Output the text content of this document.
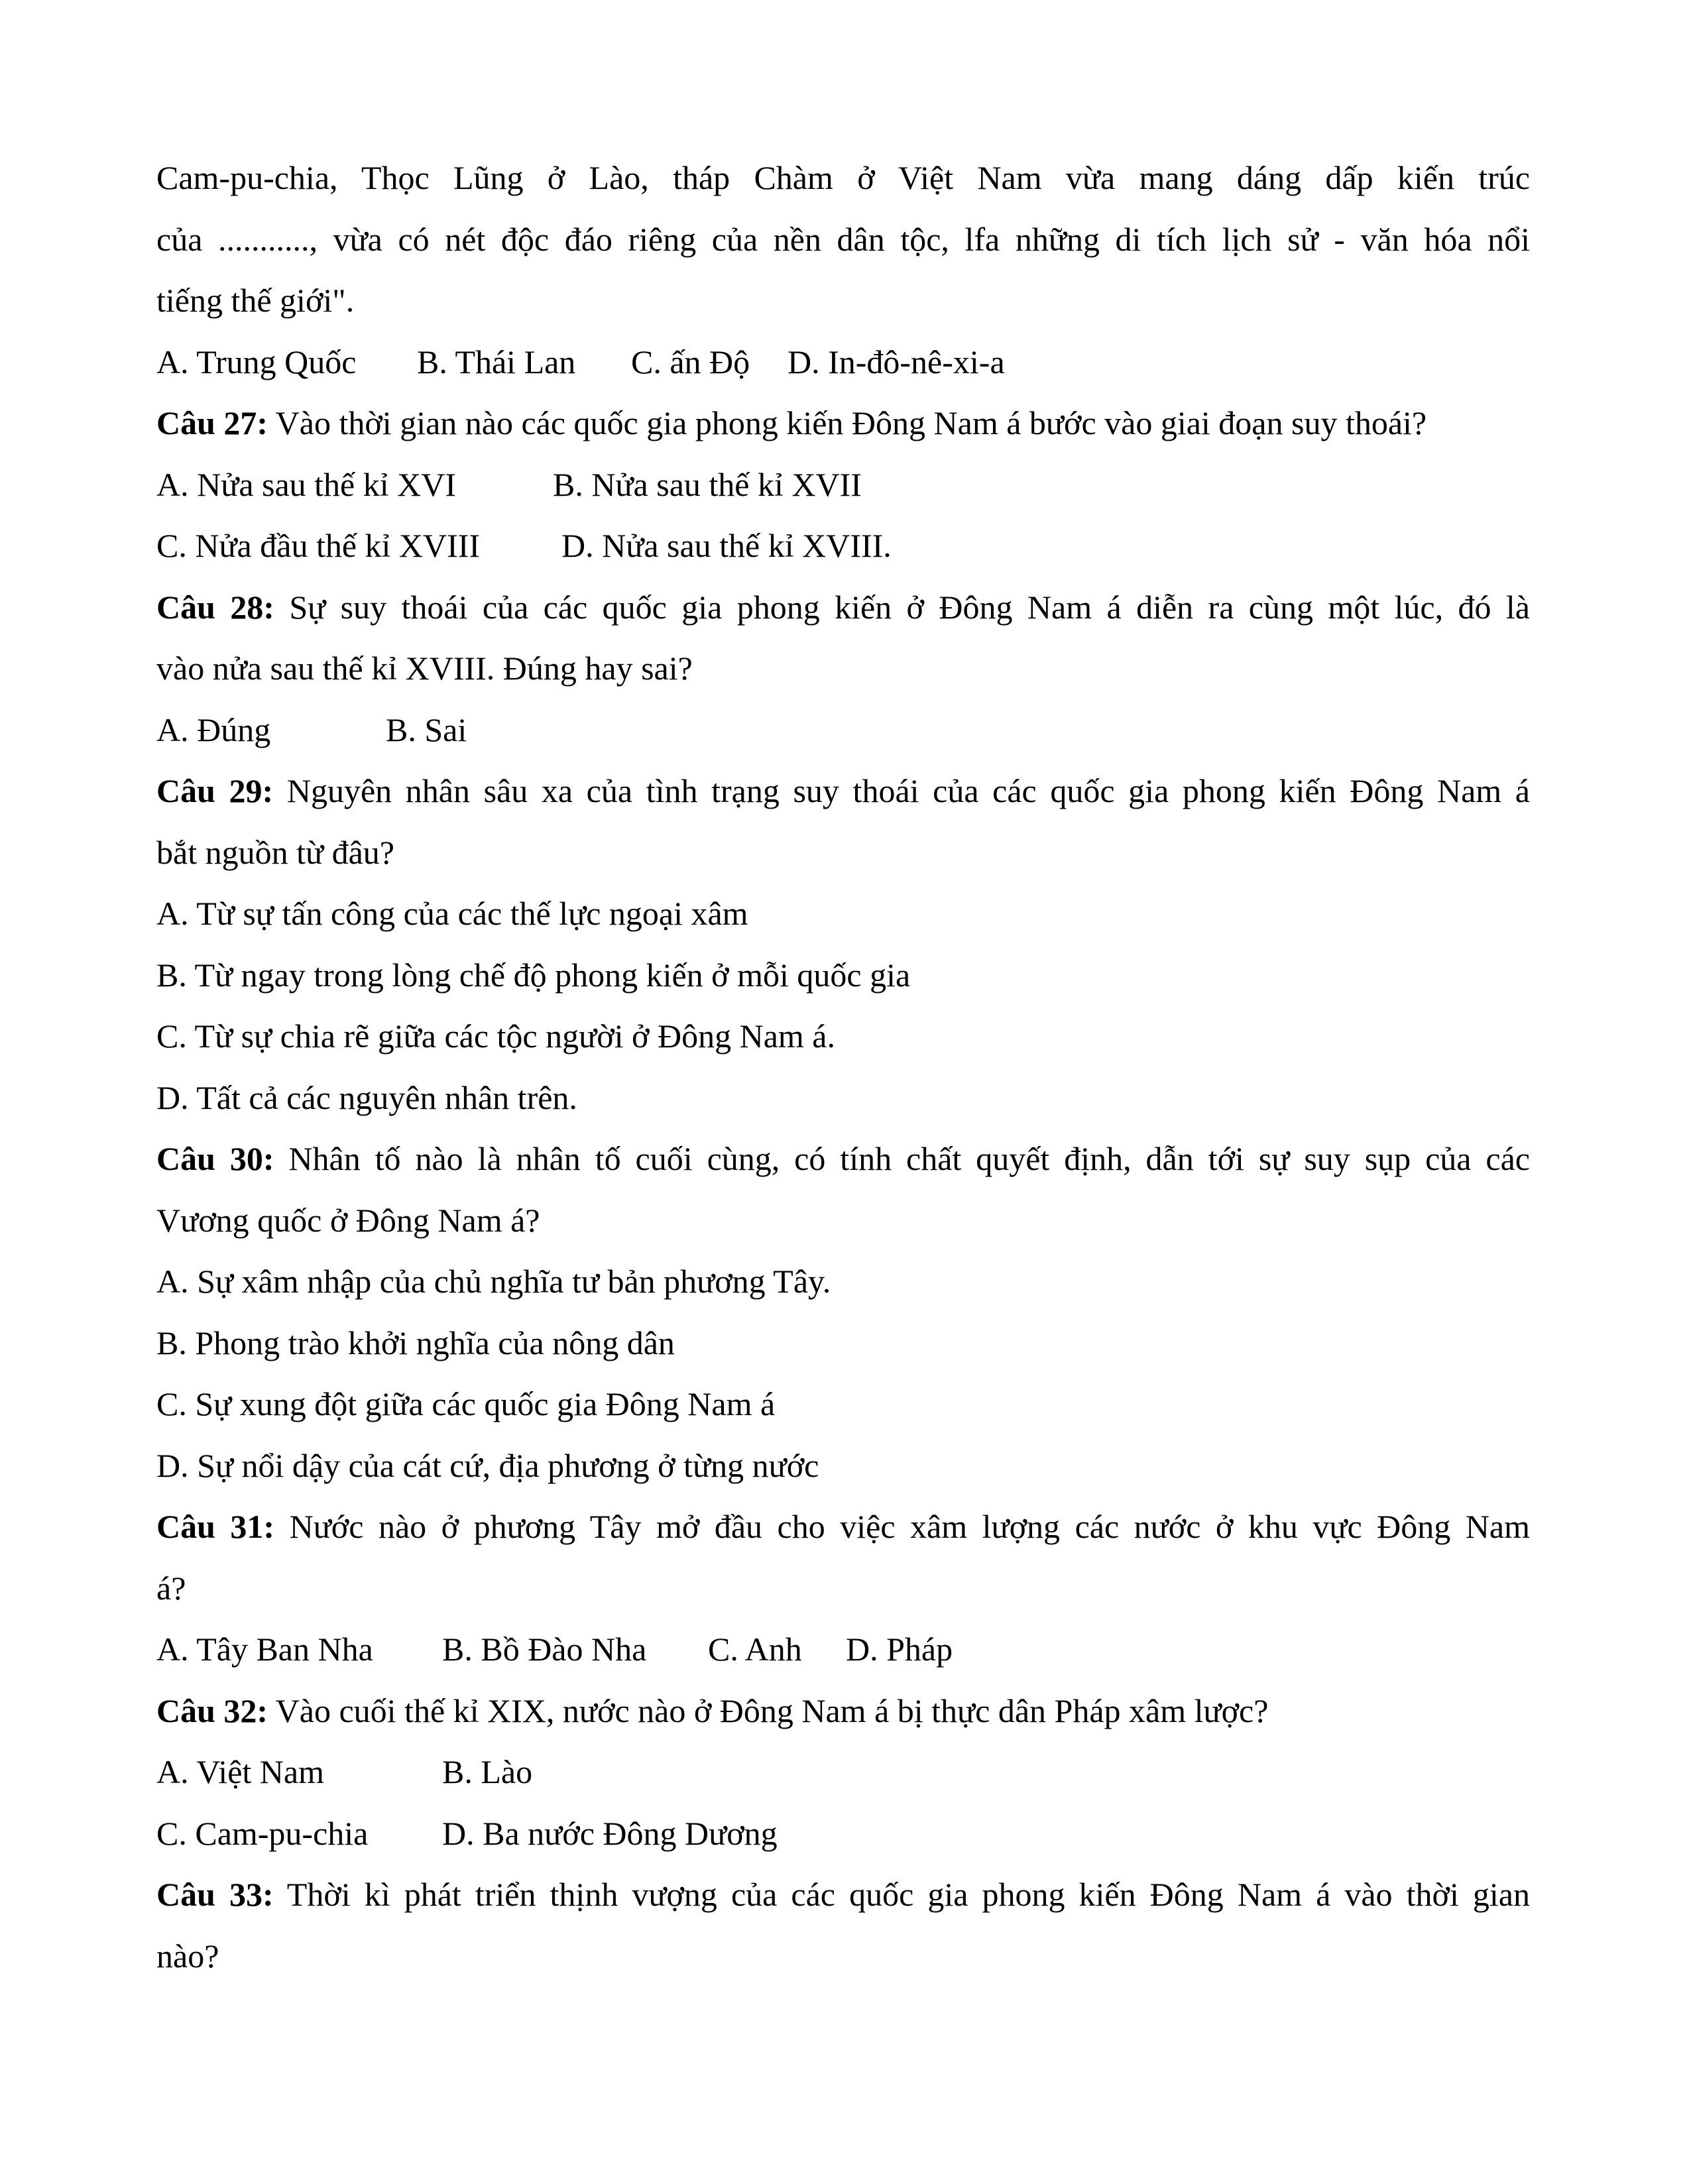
Cam-pu-chia, Thọc Lũng ở Lào, tháp Chàm ở Việt Nam vừa mang dáng dấp kiến trúc
của ..........., vừa có nét độc đáo riêng của nền dân tộc, lfa những di tích lịch sử - văn hóa nổi
tiếng thế giới".
A. Trung Quốc B. Thái Lan C. ấn Độ D. In-đô-nê-xi-a
Câu 27: Vào thời gian nào các quốc gia phong kiến Đông Nam á bước vào giai đoạn suy thoái?
A. Nửa sau thế kỉ XVI	B. Nửa sau thế kỉ XVII
C. Nửa đầu thế kỉ XVIII D. Nửa sau thế kỉ XVIII.
Câu 28: Sự suy thoái của các quốc gia phong kiến ở Đông Nam á diễn ra cùng một lúc, đó là
vào nửa sau thế kỉ XVIII. Đúng hay sai?
A. Đúng	B. Sai
Câu 29: Nguyên nhân sâu xa của tình trạng suy thoái của các quốc gia phong kiến Đông Nam á
bắt nguồn từ đâu?
A. Từ sự tấn công của các thế lực ngoại xâm
B. Từ ngay trong lòng chế độ phong kiến ở mỗi quốc gia
C. Từ sự chia rẽ giữa các tộc người ở Đông Nam á.
D. Tất cả các nguyên nhân trên.
Câu 30: Nhân tố nào là nhân tố cuối cùng, có tính chất quyết định, dẫn tới sự suy sụp của các
Vương quốc ở Đông Nam á?
A. Sự xâm nhập của chủ nghĩa tư bản phương Tây.
B. Phong trào khởi nghĩa của nông dân
C. Sự xung đột giữa các quốc gia Đông Nam á
D. Sự nổi dậy của cát cứ, địa phương ở từng nước
Câu 31: Nước nào ở phương Tây mở đầu cho việc xâm lượng các nước ở khu vực Đông Nam
á?
A. Tây Ban Nha B. Bồ Đào Nha C. Anh D. Pháp
Câu 32: Vào cuối thế kỉ XIX, nước nào ở Đông Nam á bị thực dân Pháp xâm lược?
A. Việt Nam	B. Lào
C. Cam-pu-chia D. Ba nước Đông Dương
Câu 33: Thời kì phát triển thịnh vượng của các quốc gia phong kiến Đông Nam á vào thời gian
nào?
